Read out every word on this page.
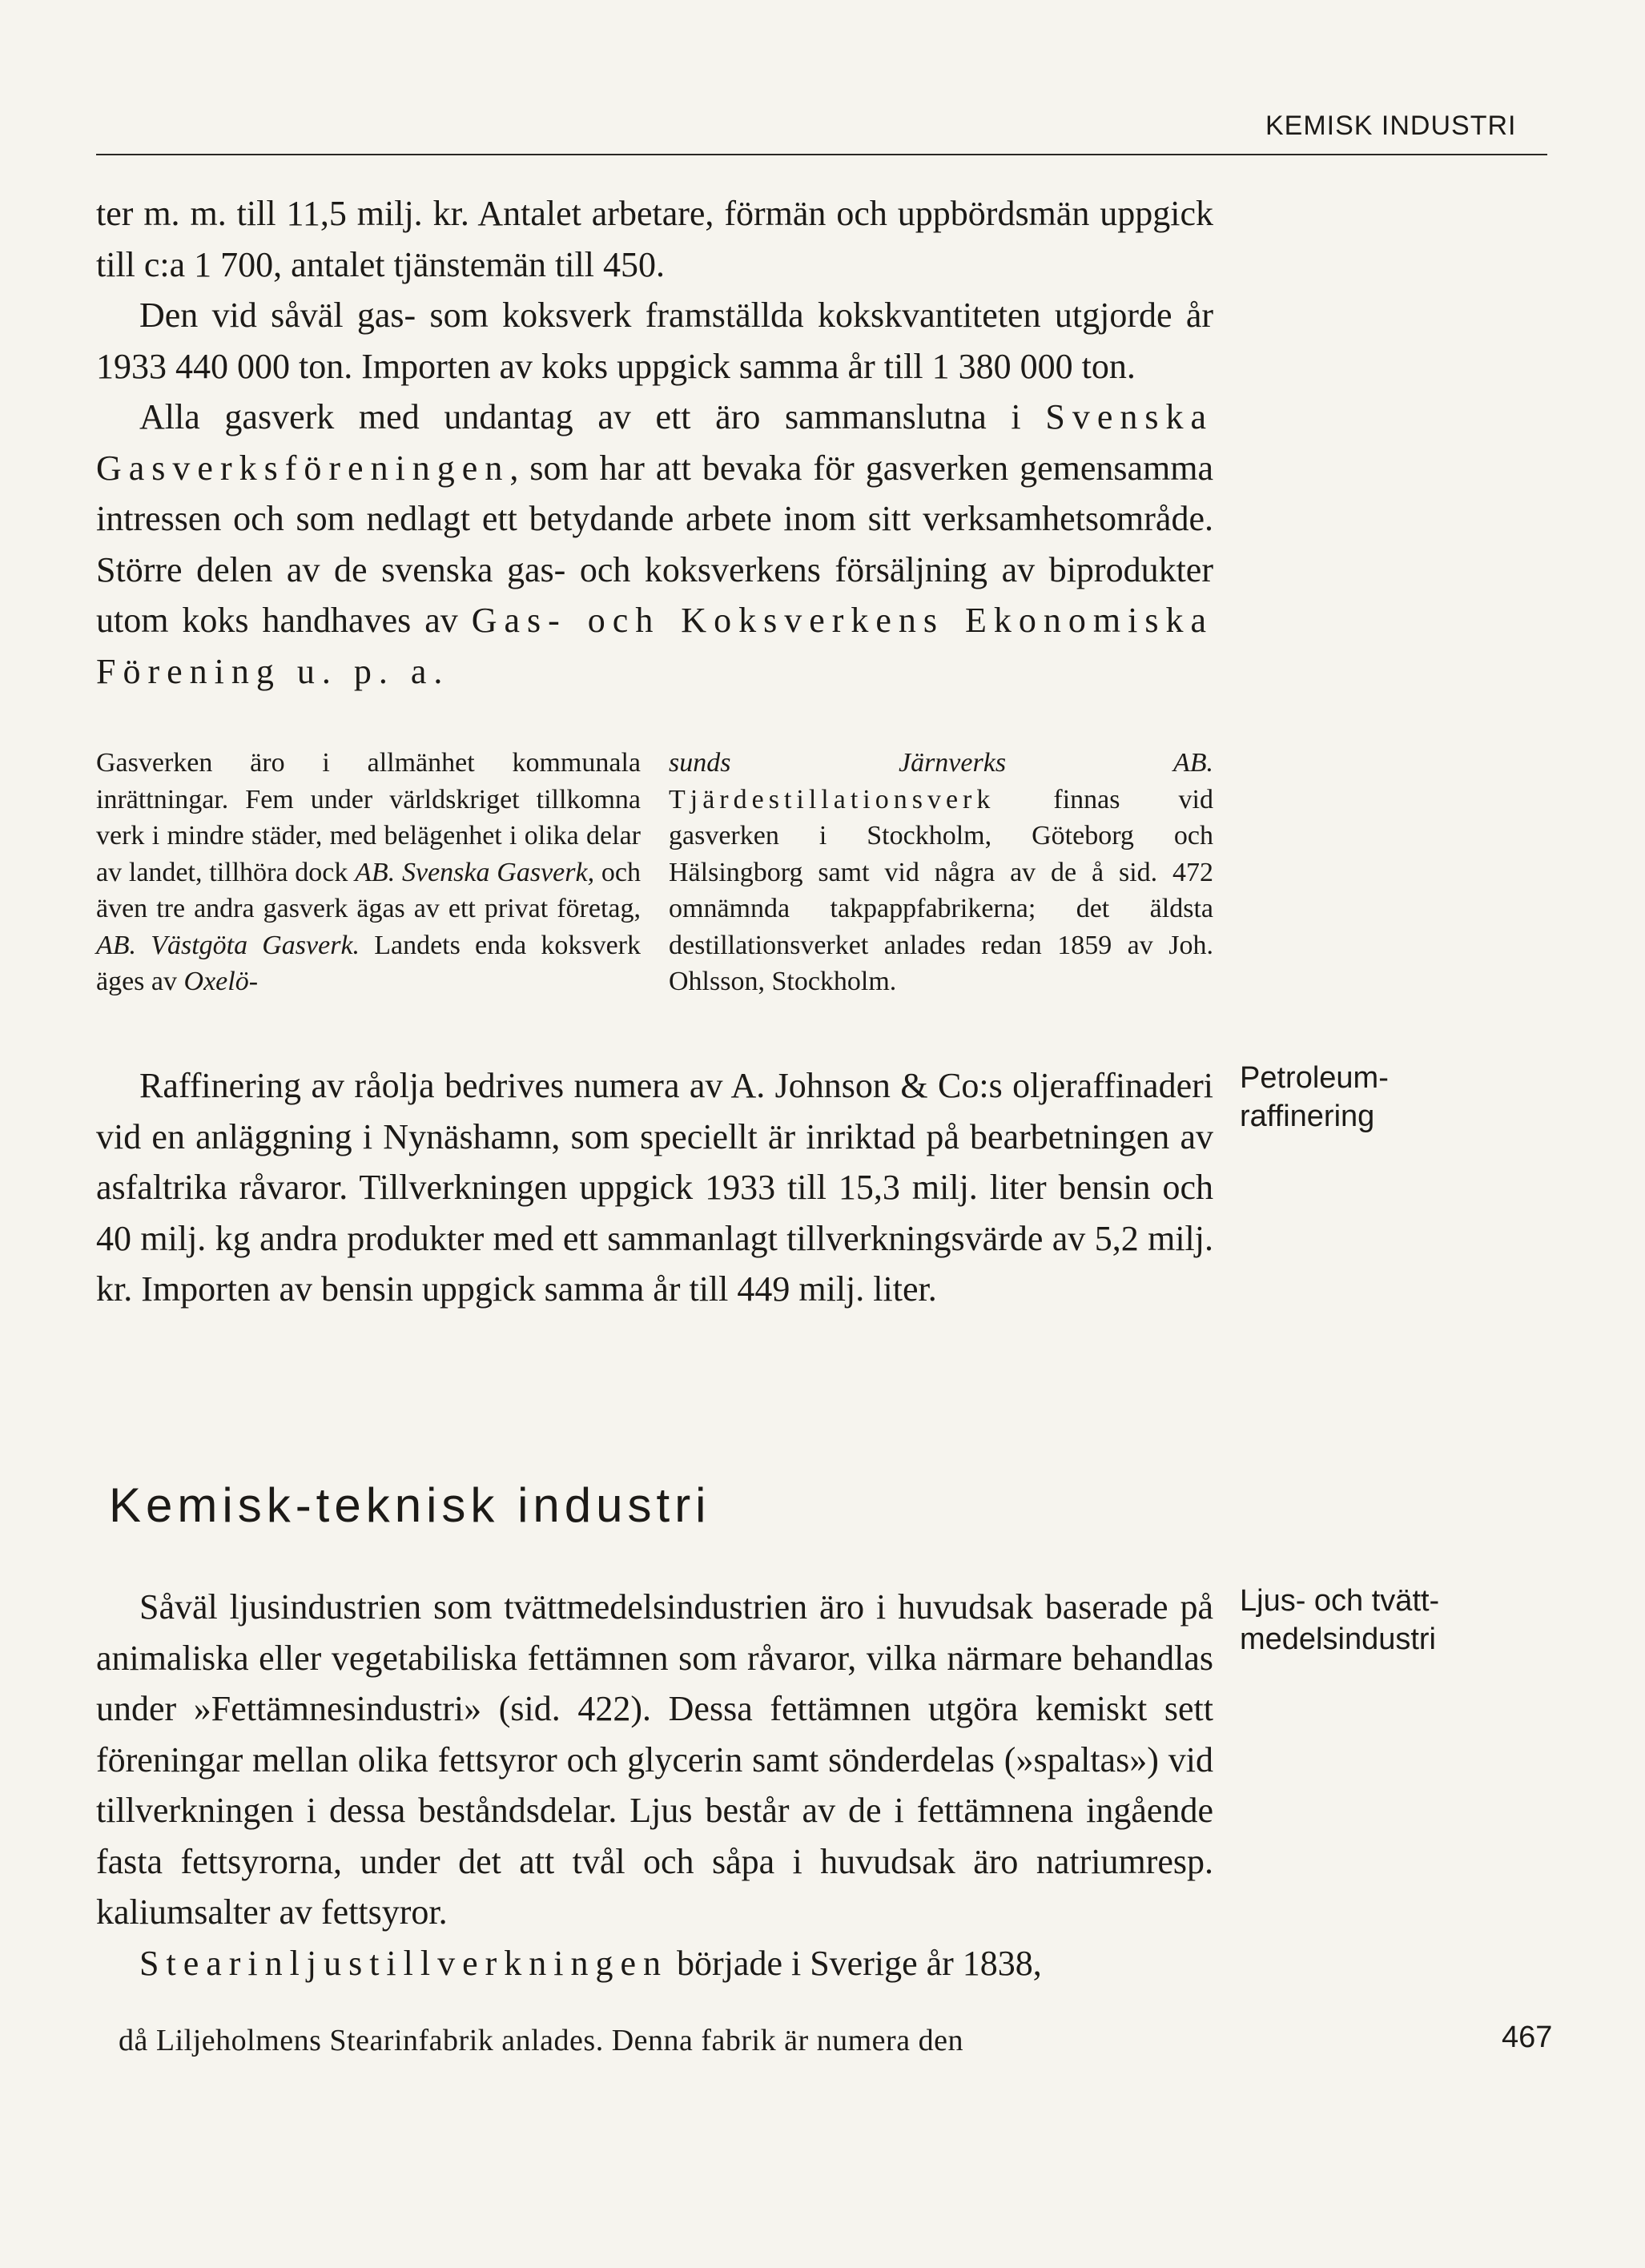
KEMISK INDUSTRI

ter m. m. till 11,5 milj. kr. Antalet arbetare, förmän och uppbördsmän uppgick till c:a 1 700, antalet tjänstemän till 450.

Den vid såväl gas- som koksverk framställda kokskvantiteten utgjorde år 1933 440 000 ton. Importen av koks uppgick samma år till 1 380 000 ton.

Alla gasverk med undantag av ett äro sammanslutna i Svenska Gasverksföreningen, som har att bevaka för gasverken gemensamma intressen och som nedlagt ett betydande arbete inom sitt verksamhetsområde. Större delen av de svenska gas- och koksverkens försäljning av biprodukter utom koks handhaves av Gas- och Koksverkens Ekonomiska Förening u. p. a.

Gasverken äro i allmänhet kommunala inrättningar. Fem under världskriget tillkomna verk i mindre städer, med belägenhet i olika delar av landet, tillhöra dock AB. Svenska Gasverk, och även tre andra gasverk ägas av ett privat företag, AB. Västgöta Gasverk. Landets enda koksverk äges av Oxelö-
sunds Järnverks AB. Tjärdestillationsverk finnas vid gasverken i Stockholm, Göteborg och Hälsingborg samt vid några av de å sid. 472 omnämnda takpappfabrikerna; det äldsta destillationsverket anlades redan 1859 av Joh. Ohlsson, Stockholm.

Raffinering av råolja bedrives numera av A. Johnson & Co:s oljeraffinaderi vid en anläggning i Nynäshamn, som speciellt är inriktad på bearbetningen av asfaltrika råvaror. Tillverkningen uppgick 1933 till 15,3 milj. liter bensin och 40 milj. kg andra produkter med ett sammanlagt tillverkningsvärde av 5,2 milj. kr. Importen av bensin uppgick samma år till 449 milj. liter.

Petroleum-
raffinering
Kemisk-teknisk industri

Såväl ljusindustrien som tvättmedelsindustrien äro i huvudsak baserade på animaliska eller vegetabiliska fettämnen som råvaror, vilka närmare behandlas under »Fettämnesindustri» (sid. 422). Dessa fettämnen utgöra kemiskt sett föreningar mellan olika fettsyror och glycerin samt sönderdelas (»spaltas») vid tillverkningen i dessa beståndsdelar. Ljus består av de i fettämnena ingående fasta fettsyrorna, under det att tvål och såpa i huvudsak äro natriumresp. kaliumsalter av fettsyror.

Stearinljustillverkningen började i Sverige år 1838,

Ljus- och tvätt-
medelsindustri
då Liljeholmens Stearinfabrik anlades. Denna fabrik är numera den	467
